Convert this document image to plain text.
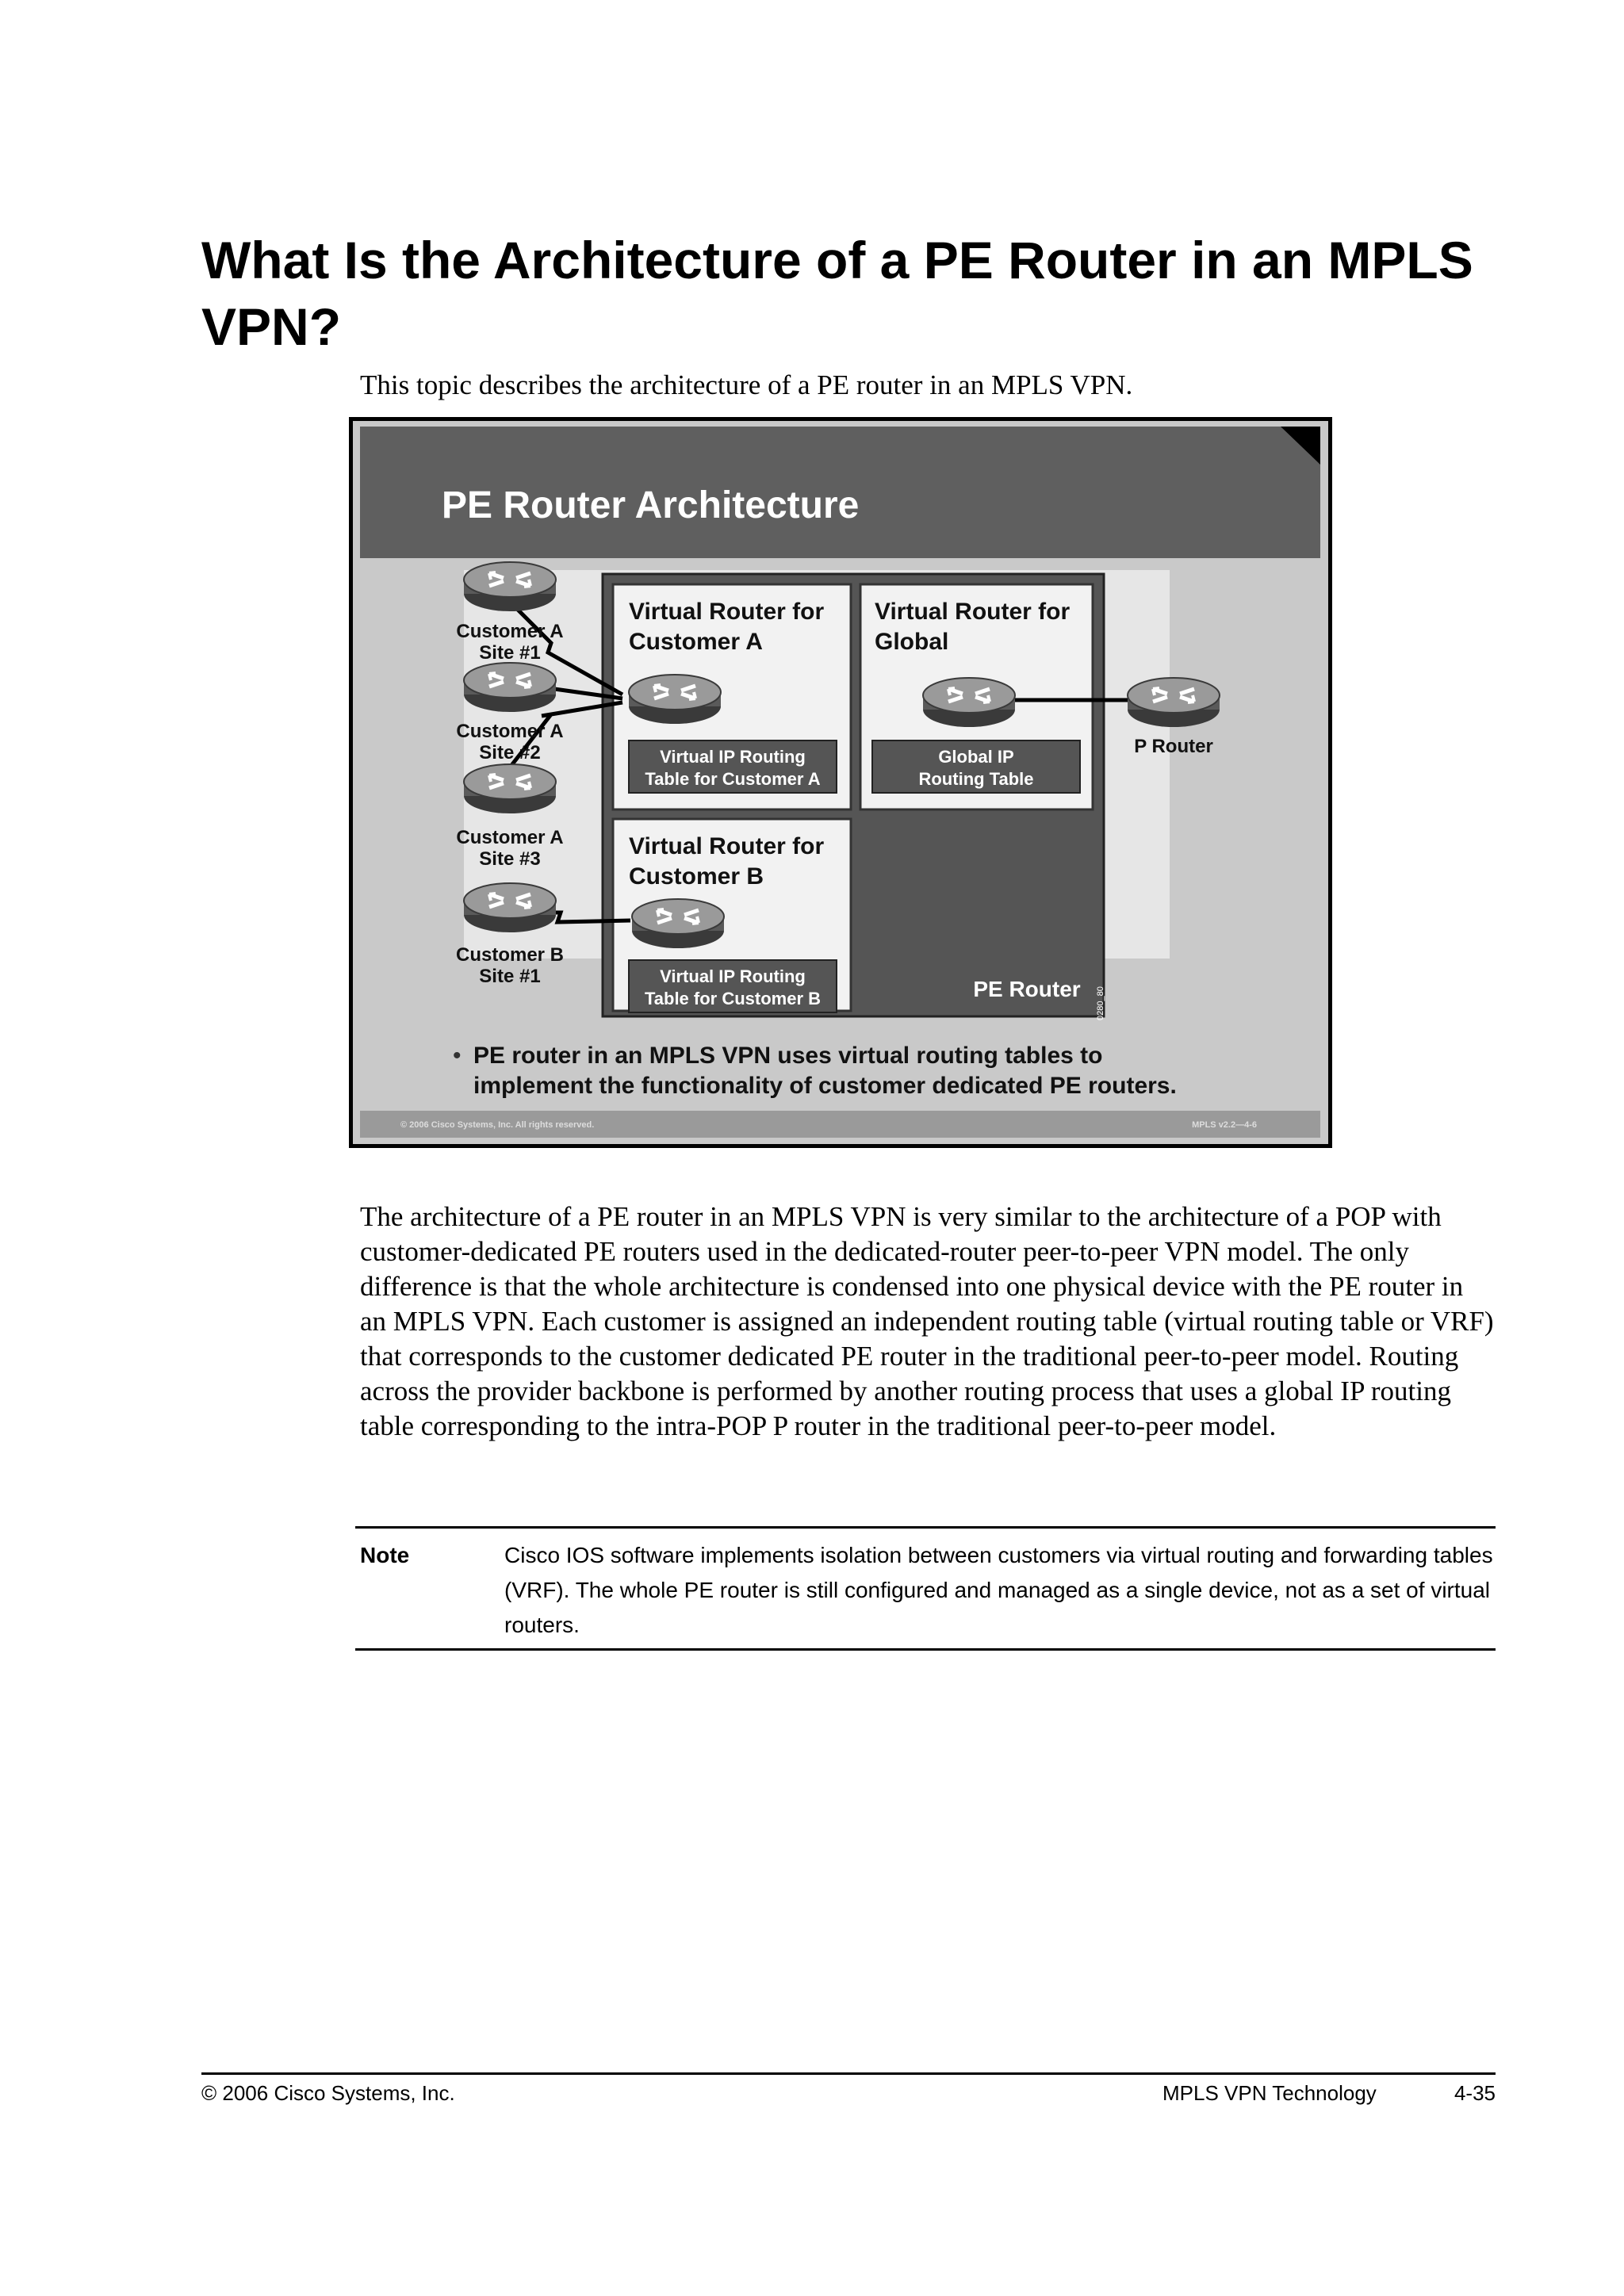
What Is the Architecture of a PE Router in an MPLS VPN?

This topic describes the architecture of a PE router in an MPLS VPN.

PE Router Architecture
Virtual Router for
Customer A
Virtual Router for
Global
Virtual Router for
Customer B
Virtual IP Routing
Table for Customer A
Global IP
Routing Table
Virtual IP Routing
Table for Customer B	PE Router 0280_80
Customer A
Site #1
Customer A
Site #2
Customer A
Site #3
Customer B
Site #1
P Router
• PE router in an MPLS VPN uses virtual routing tables to
implement the functionality of customer dedicated PE routers.
© 2006 Cisco Systems, Inc. All rights reserved.	MPLS v2.2—4-6

The architecture of a PE router in an MPLS VPN is very similar to the architecture of a POP with customer-dedicated PE routers used in the dedicated-router peer-to-peer VPN model. The only difference is that the whole architecture is condensed into one physical device with the PE router in an MPLS VPN. Each customer is assigned an independent routing table (virtual routing table or VRF) that corresponds to the customer dedicated PE router in the traditional peer-to-peer model. Routing across the provider backbone is performed by another routing process that uses a global IP routing table corresponding to the intra-POP P router in the traditional peer-to-peer model.

Note	Cisco IOS software implements isolation between customers via virtual routing and forwarding tables (VRF). The whole PE router is still configured and managed as a single device, not as a set of virtual routers.

© 2006 Cisco Systems, Inc.	MPLS VPN Technology	4-35
